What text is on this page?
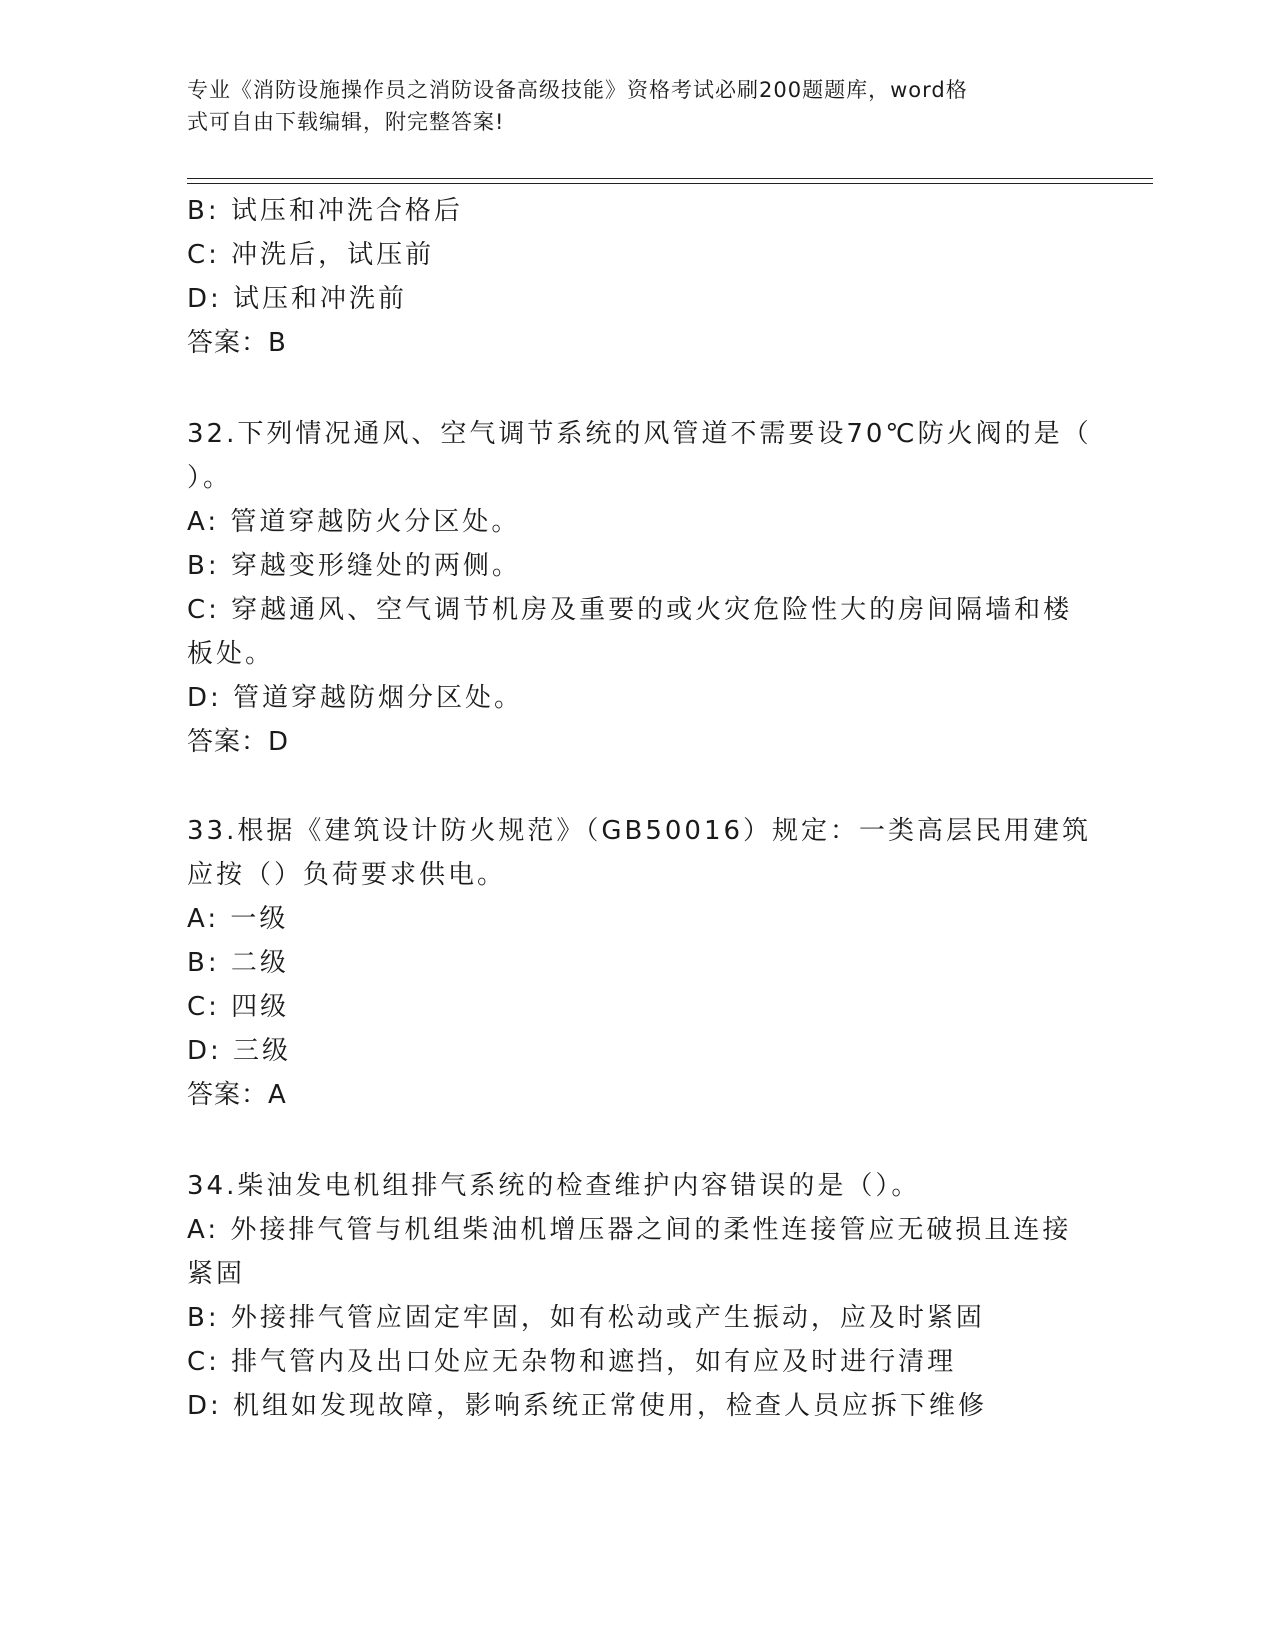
专业《消防设施操作员之消防设备高级技能》资格考试必刷200题题库，word格
式可自由下载编辑，附完整答案!
B: 试压和冲洗合格后
C: 冲洗后，试压前
D: 试压和冲洗前
答案：B
32.下列情况通风、空气调节系统的风管道不需要设70℃防火阀的是（
）。
A: 管道穿越防火分区处。
B: 穿越变形缝处的两侧。
C: 穿越通风、空气调节机房及重要的或火灾危险性大的房间隔墙和楼
板处。
D: 管道穿越防烟分区处。
答案：D
33.根据《建筑设计防火规范》（GB50016）规定：一类高层民用建筑
应按（）负荷要求供电。
A: 一级
B: 二级
C: 四级
D: 三级
答案：A
34.柴油发电机组排气系统的检查维护内容错误的是（）。
A: 外接排气管与机组柴油机增压器之间的柔性连接管应无破损且连接
紧固
B: 外接排气管应固定牢固，如有松动或产生振动，应及时紧固
C: 排气管内及出口处应无杂物和遮挡，如有应及时进行清理
D: 机组如发现故障，影响系统正常使用，检查人员应拆下维修
